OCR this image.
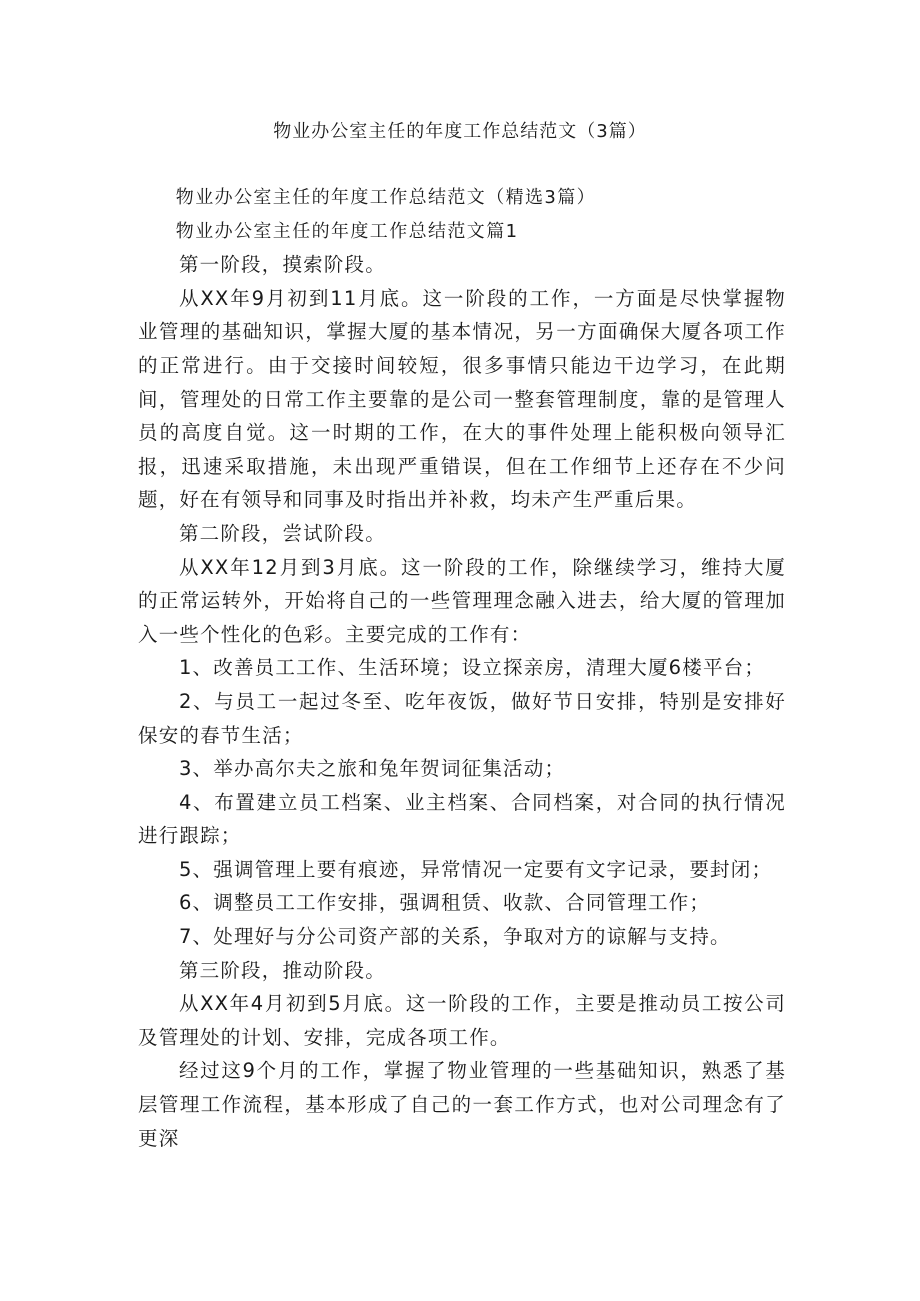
物业办公室主任的年度工作总结范文（3篇）

物业办公室主任的年度工作总结范文（精选3篇）

物业办公室主任的年度工作总结范文篇1

第一阶段，摸索阶段。

从XX年9月初到11月底。这一阶段的工作，一方面是尽快掌握物业管理的基础知识，掌握大厦的基本情况，另一方面确保大厦各项工作的正常进行。由于交接时间较短，很多事情只能边干边学习，在此期间，管理处的日常工作主要靠的是公司一整套管理制度，靠的是管理人员的高度自觉。这一时期的工作，在大的事件处理上能积极向领导汇报，迅速采取措施，未出现严重错误，但在工作细节上还存在不少问题，好在有领导和同事及时指出并补救，均未产生严重后果。

第二阶段，尝试阶段。

从XX年12月到3月底。这一阶段的工作，除继续学习，维持大厦的正常运转外，开始将自己的一些管理理念融入进去，给大厦的管理加入一些个性化的色彩。主要完成的工作有：

1、改善员工工作、生活环境；设立探亲房，清理大厦6楼平台；

2、与员工一起过冬至、吃年夜饭，做好节日安排，特别是安排好保安的春节生活；

3、举办高尔夫之旅和兔年贺词征集活动；

4、布置建立员工档案、业主档案、合同档案，对合同的执行情况进行跟踪；

5、强调管理上要有痕迹，异常情况一定要有文字记录，要封闭；

6、调整员工工作安排，强调租赁、收款、合同管理工作；

7、处理好与分公司资产部的关系，争取对方的谅解与支持。

第三阶段，推动阶段。

从XX年4月初到5月底。这一阶段的工作，主要是推动员工按公司及管理处的计划、安排，完成各项工作。

经过这9个月的工作，掌握了物业管理的一些基础知识，熟悉了基层管理工作流程，基本形成了自己的一套工作方式，也对公司理念有了更深
